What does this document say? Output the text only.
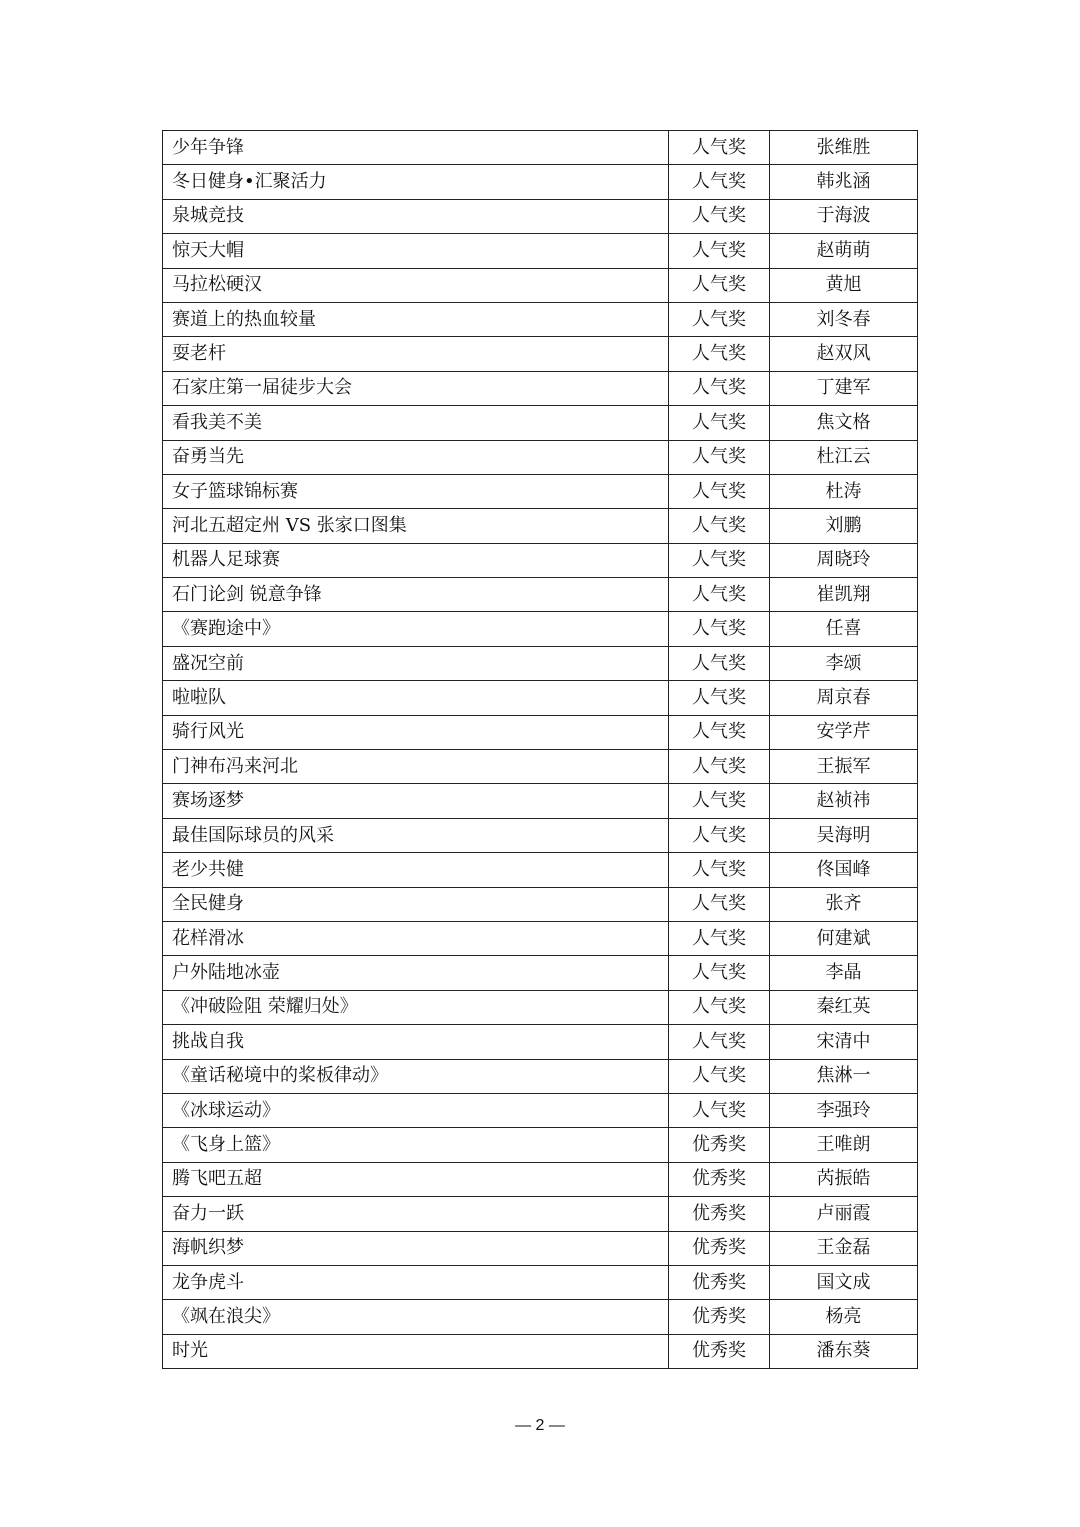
少年争锋	人气奖	张维胜
冬日健身•汇聚活力	人气奖	韩兆涵
泉城竞技	人气奖	于海波
惊天大帽	人气奖	赵萌萌
马拉松硬汉	人气奖	黄旭
赛道上的热血较量	人气奖	刘冬春
耍老杆	人气奖	赵双风
石家庄第一届徒步大会	人气奖	丁建军
看我美不美	人气奖	焦文格
奋勇当先	人气奖	杜江云
女子篮球锦标赛	人气奖	杜涛
河北五超定州 VS 张家口图集	人气奖	刘鹏
机器人足球赛	人气奖	周晓玲
石门论剑 锐意争锋	人气奖	崔凯翔
《赛跑途中》	人气奖	任喜
盛况空前	人气奖	李颂
啦啦队	人气奖	周京春
骑行风光	人气奖	安学芹
门神布冯来河北	人气奖	王振军
赛场逐梦	人气奖	赵祯祎
最佳国际球员的风采	人气奖	吴海明
老少共健	人气奖	佟国峰
全民健身	人气奖	张齐
花样滑冰	人气奖	何建斌
户外陆地冰壶	人气奖	李晶
《冲破险阻 荣耀归处》	人气奖	秦红英
挑战自我	人气奖	宋清中
《童话秘境中的桨板律动》	人气奖	焦淋一
《冰球运动》	人气奖	李强玲
《飞身上篮》	优秀奖	王唯朗
腾飞吧五超	优秀奖	芮振皓
奋力一跃	优秀奖	卢丽霞
海帆织梦	优秀奖	王金磊
龙争虎斗	优秀奖	国文成
《飒在浪尖》	优秀奖	杨亮
时光	优秀奖	潘东葵
— 2 —
